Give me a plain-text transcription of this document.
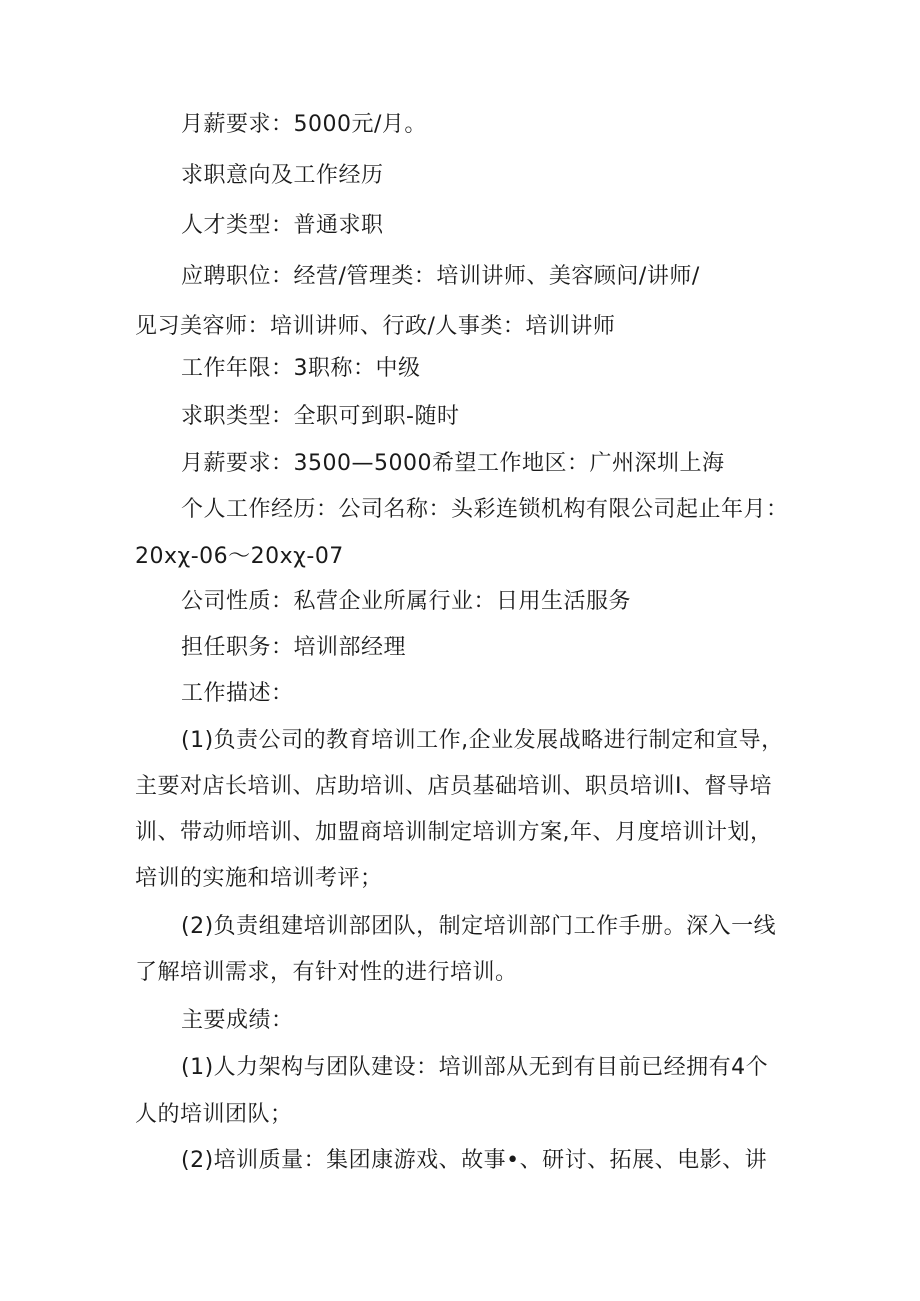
月薪要求：5000元/月。
求职意向及工作经历
人才类型：普通求职
应聘职位：经营/管理类：培训讲师、美容顾问/讲师/
见习美容师：培训讲师、行政/人事类：培训讲师
工作年限：3职称：中级
求职类型：全职可到职-随时
月薪要求：3500—5000希望工作地区：广州深圳上海
个人工作经历：公司名称：头彩连锁机构有限公司起止年月：
20xχ-06〜20xχ-07
公司性质：私营企业所属行业：日用生活服务
担任职务：培训部经理
工作描述：
(1)负责公司的教育培训工作,企业发展战略进行制定和宣导，
主要对店长培训、店助培训、店员基础培训、职员培训I、督导培
训、带动师培训、加盟商培训制定培训方案,年、月度培训计划，
培训的实施和培训考评；
(2)负责组建培训部团队，制定培训部门工作手册。深入一线
了解培训需求，有针对性的进行培训。
主要成绩：
(1)人力架构与团队建设：培训部从无到有目前已经拥有4个
人的培训团队；
(2)培训质量：集团康游戏、故事•、研讨、拓展、电影、讲
